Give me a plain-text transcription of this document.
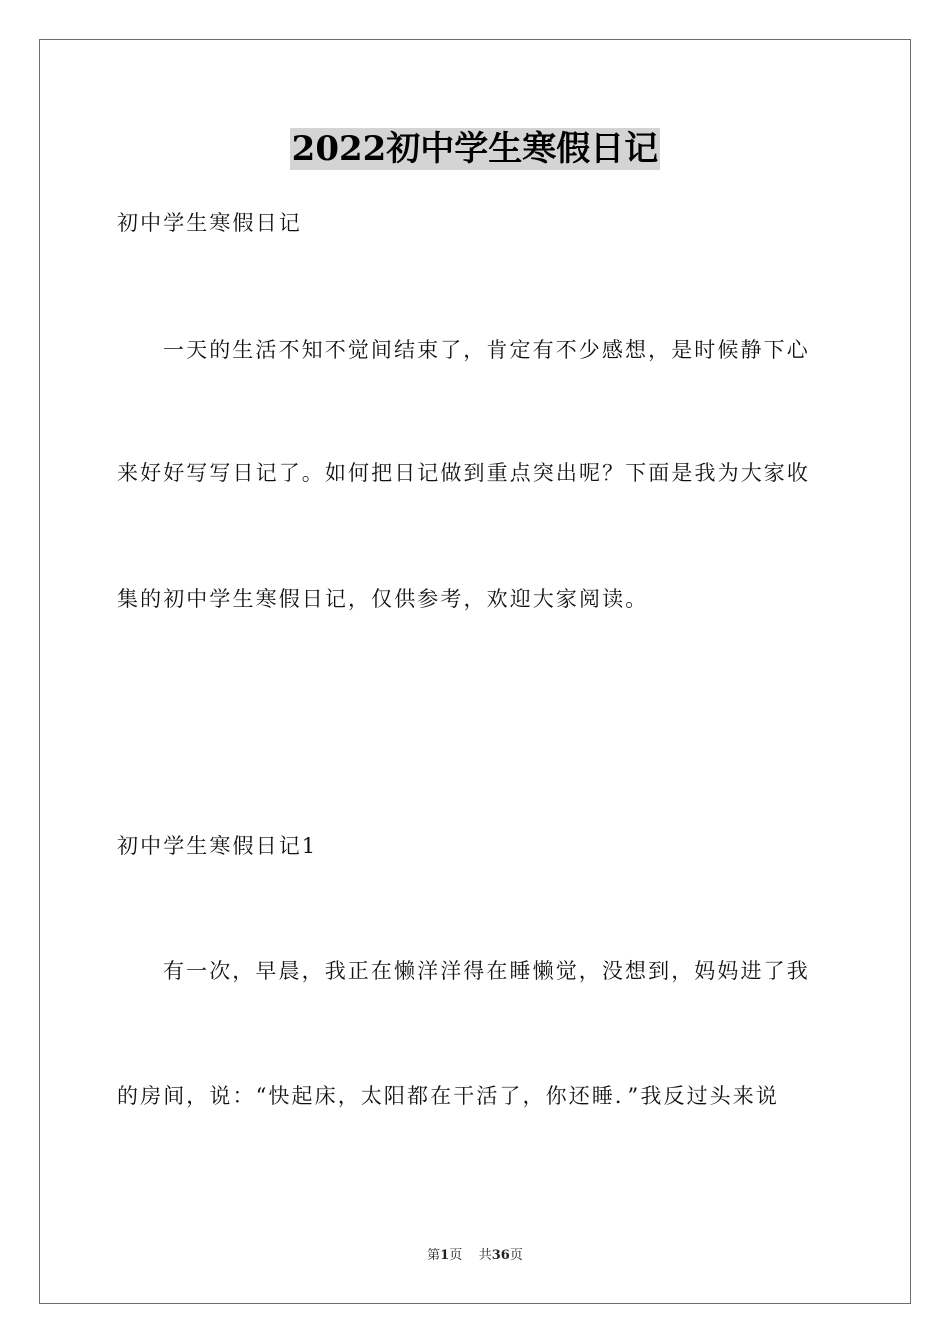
2022初中学生寒假日记
初中学生寒假日记
一天的生活不知不觉间结束了，肯定有不少感想，是时候静下心
来好好写写日记了。如何把日记做到重点突出呢？下面是我为大家收
集的初中学生寒假日记，仅供参考，欢迎大家阅读。
初中学生寒假日记1
有一次，早晨，我正在懒洋洋得在睡懒觉，没想到，妈妈进了我
的房间，说：“快起床，太阳都在干活了，你还睡．”我反过头来说
第1页 共36页
